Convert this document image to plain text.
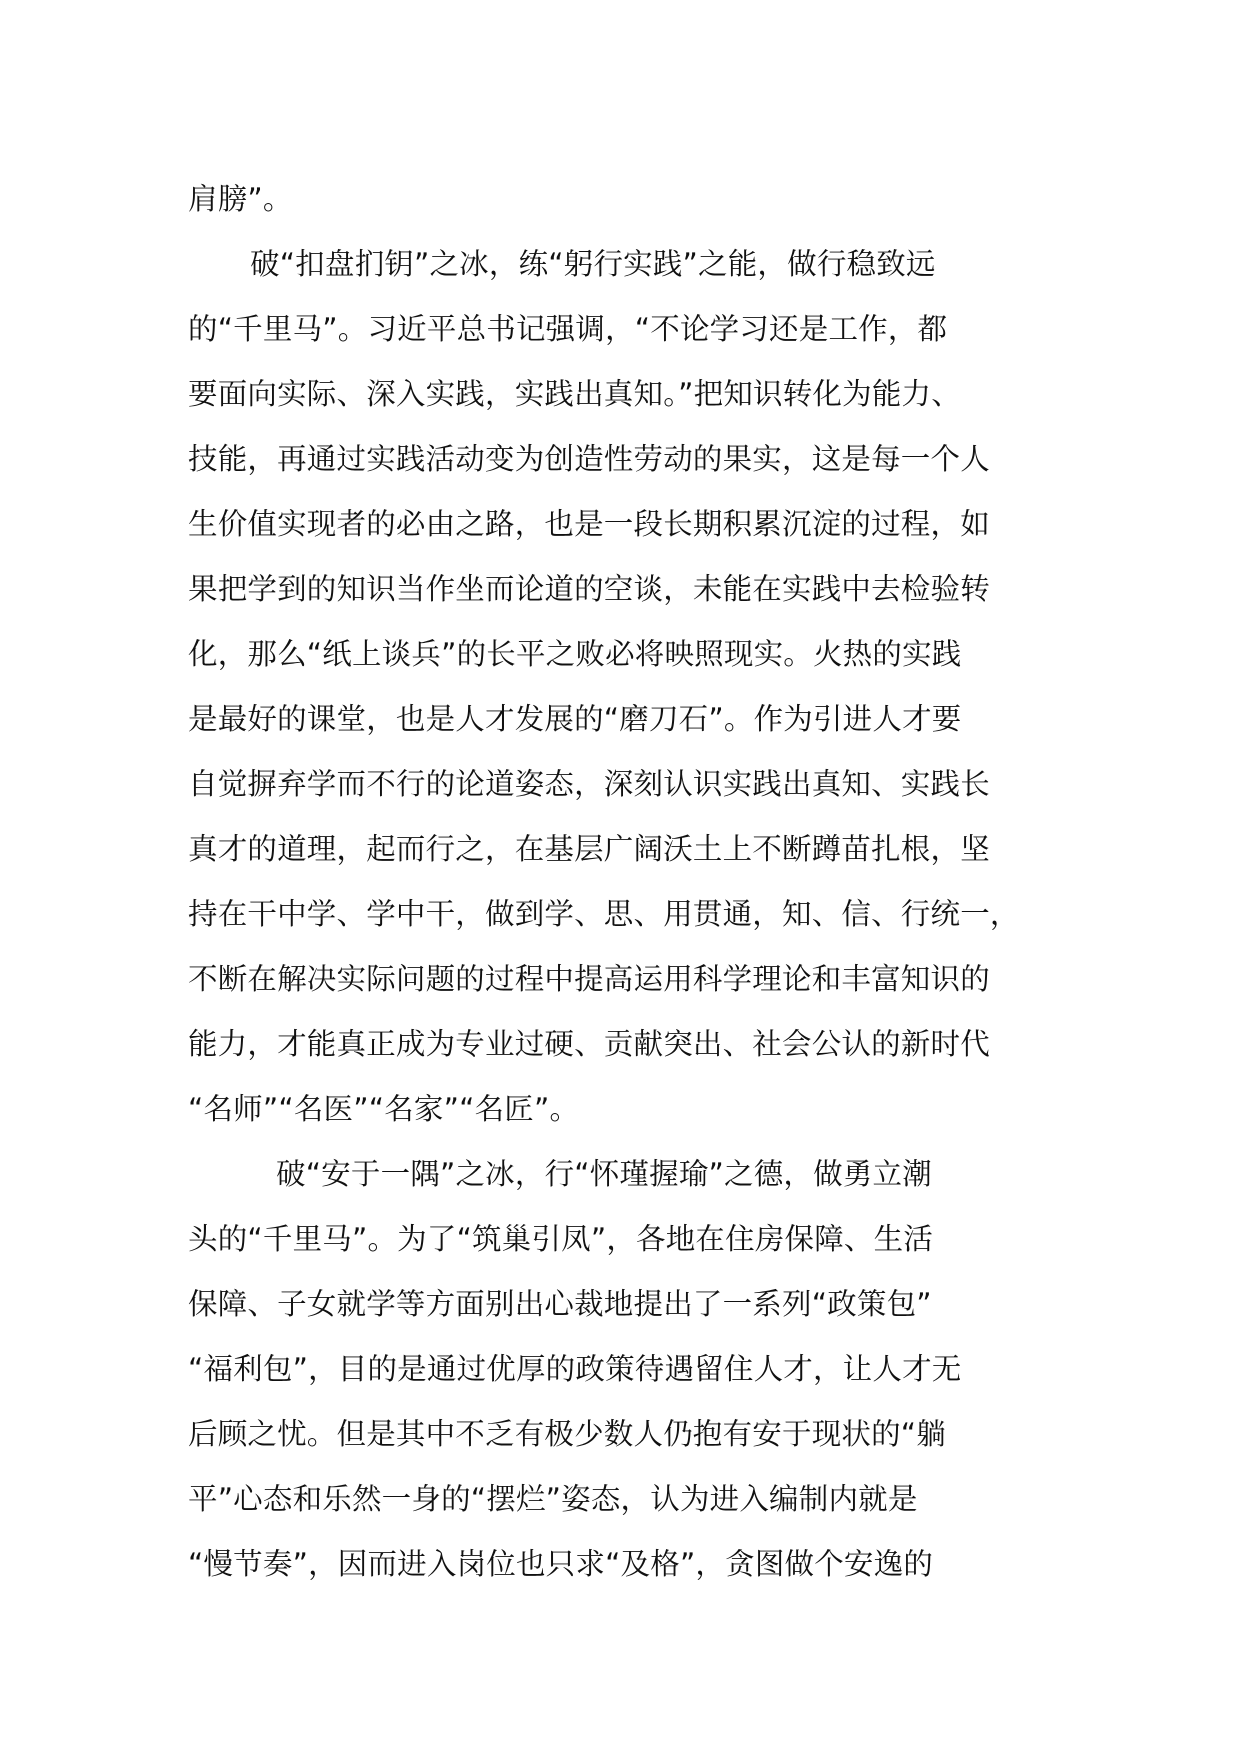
肩膀”。
破“扣盘扪钥”之冰，练“躬行实践”之能，做行稳致远
的“千里马”。习近平总书记强调，“不论学习还是工作，都
要面向实际、深入实践，实践出真知。”把知识转化为能力、
技能，再通过实践活动变为创造性劳动的果实，这是每一个人
生价值实现者的必由之路，也是一段长期积累沉淀的过程，如
果把学到的知识当作坐而论道的空谈，未能在实践中去检验转
化，那么“纸上谈兵”的长平之败必将映照现实。火热的实践
是最好的课堂，也是人才发展的“磨刀石”。作为引进人才要
自觉摒弃学而不行的论道姿态，深刻认识实践出真知、实践长
真才的道理，起而行之，在基层广阔沃土上不断蹲苗扎根，坚
持在干中学、学中干，做到学、思、用贯通，知、信、行统一，
不断在解决实际问题的过程中提高运用科学理论和丰富知识的
能力，才能真正成为专业过硬、贡献突出、社会公认的新时代
“名师”“名医”“名家”“名匠”。
破“安于一隅”之冰，行“怀瑾握瑜”之德，做勇立潮
头的“千里马”。为了“筑巢引凤”，各地在住房保障、生活
保障、子女就学等方面别出心裁地提出了一系列“政策包”
“福利包”，目的是通过优厚的政策待遇留住人才，让人才无
后顾之忧。但是其中不乏有极少数人仍抱有安于现状的“躺
平”心态和乐然一身的“摆烂”姿态，认为进入编制内就是
“慢节奏”，因而进入岗位也只求“及格”，贪图做个安逸的
